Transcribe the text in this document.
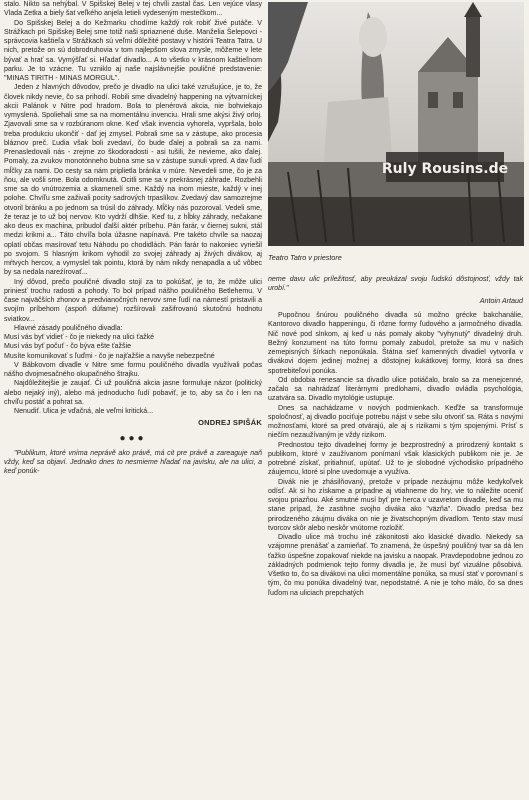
stalo. Nikto sa nehýbal. V Spišskej Belej v tej chvíli zastal čas. Len vejúce vlasy Vlada Zetka a biely šat veľkého anjela letieli vydeseným mestečkom...

Do Spišskej Belej a do Kežmarku chodíme každý rok robiť živé putáče. V Strážkach pri Spišskej Belej sme totiž naši spriaznené duše. Manželia Šelepovci - správcovia kaštieľa v Strážkach sú veľmi dôležité postavy v histórii Teatra Tatra. U nich, pretože on sú dobrodruhovia v tom najlepšom slova zmysle, môžeme v lete bývať a hrať sa. Vymýšľať si. Hľadať divadlo... A to všetko v krásnom kaštieľnom parku. Je to vzácne. Tu vzniklo aj naše najslávnejšie pouličné predstavenie: "MINAS TIRITH - MINAS MORGUL".

Jeden z hlavných dôvodov, prečo je divadlo na ulici také vzrušujúce, je to, že človek nikdy nevie, čo sa prihodí. Robili sme divadelný happening na výtvarníckej akcii Palánok v Nitre pod hradom. Bola to plenérová akcia, nie bohviekajo vymyslená. Spoliehali sme sa na momentálnu invenciu. Hrali sme akýsi živý orloj. Zjavovali sme sa v rozbúranom okne. Keď však invencia vyhorela, vypršala, bolo treba produkciu ukončiť - dať jej zmysel. Pobrali sme sa v zástupe, ako procesia bláznov preč. Ľudia však boli zvedaví, čo bude ďalej a pobrali sa za nami. Prenasledovali nás - zrejme zo škodoradosti - asi tušili, že nevieme, ako ďalej. Pomaly, za zvukov monotónneho bubna sme sa v zástupe sunuli vpred. A dav ľudí mĺčky za nami. Do cesty sa nám priplietla bránka v múre. Nevedeli sme, čo je za ňou, ale vošli sme. Bola odomknutá. Ocitli sme sa v prekrásnej záhrade. Rozbehli sme sa do vnútrozemia a skamenelí sme. Každý na inom mieste, každý v inej polohe. Chvíľu sme zaživali pocity sadrových trpaslíkov. Zvedavý dav samozrejme otvoril bránku a po jednom sa trúsil do záhrady. Mĺčky nás pozoroval. Vedeli sme, že teraz je to už boj nervov. Kto vydrží dlhšie. Keď tu, z hĺbky záhrady, nečakane ako deus ex machina, pribudol ďalší aktér príbehu. Pán farár, v čiernej sukni, stál medzi krikmi a... Táto chvíľa bola úžasne napínavá. Pre takéto chvíle sa naozaj oplatí občas masírovať tetu Náhodu po chodidlách. Pán farár to nakoniec vyriešil po svojom. S hlasným krikom vyhodil zo svojej záhrady aj živých divákov, aj mŕtvych hercov, a vymyslel tak pointu, ktorá by nám nikdy nenapadla a uč vôbec by sa nedala nareźírovať...

Iný dôvod, prečo pouličné divadlo stojí za to pokúšať, je to, že môže ulici priniesť trochu radosti a pohody. To bol prípad nášho pouličného Betlehemu. V čase najväčších zhonov a predvianočných nervov sme ľudí na námestí pristavili a svojím príbehom (aspoň dúfame) rozšírovali zašifrovanú skutočnú hodnotu sviatkov...

Hlavné zásady pouličného divadla:

Musí vás byť vidieť - čo je niekedy na ulici ťažké

Musí vás byť počuť - čo býva ešte ťažšie

Musíte komunikovať s ľuďmi - čo je najťažšie a navyše nebezpečné

V Bábkovom divadle v Nitre sme formu pouličného divadla využívali počas nášho dvojmesačného okupačného štrajku.

Najdôležitejšie je zaujať. Či už pouličná akcia jasne formuluje názor (politický alebo nejaký iný), alebo má jednoducho ľudí pobaviť, je to, aby sa čo i len na chvíľu postáť a pohrat sa.

Nenudiť. Ulica je vďačná, ale veľmi kritická...

ONDREJ SPIŠÁK
●●●

"Publikum, ktoré vníma neprávě ako právě, má cit pre právě a zareaguje naň vždy, keď sa objaví. Jednako dnes to nesmieme hľadať na javisku, ale na ulici, a keď ponúk-

Ruly Rousins.de
Teatro Tatro v priestore
neme davu ulic príležitosť, aby preukázal svoju ľudskú dôstojnosť, vždy tak urobí."
Antoin Artaud

Pupočnou šnúrou pouličného divadla sú možno grécke bakchanálie, Kantorovo divadlo happeningu, či rôzne formy ľudového a jarmočného divadla. Nič nové pod slnkom, aj keď u nás pomaly akoby "vyhynutý" divadelný druh. Bežný konzument na túto formu pomaly zabudol, pretože sa mu v našich zemepisných šírkach neponúkala. Štátna sieť kamenných divadiel vytvorila v divákovi dojem jedinej možnej a dôstojnej kukátkovej formy, ktorá sa dnes spotrebiteľovi ponúka.

Od obdobia renesancie sa divadlo ulice potiáčalo, bralo sa za menejcenné, začalo sa nahrádzať literárnymi predlohami, divadlo ovládla psychológia, uzatvára sa. Divadlo mytológie ustupuje.

Dnes sa nachádzame v nových podmienkach. Keďže sa transformuje spoločnosť, aj divadlo pociťuje potrebu nájst v sebe silu otvoriť sa. Ráta s novými možnosťami, ktoré sa pred otvárajú, ale aj s rizikami s tým spojenými. Prísť s niečím nezaužívaným je vždy rizikom.

Prednostou tejto divadelnej formy je bezprostredný a prirodzený kontakt s publikom, ktoré v zaužívanom ponímaní však klasických publikom nie je. Je potrebné získať, pritiahnuť, upútať. Už to je slobodné východisko prípadného záujemcu, ktoré si plne uvedomuje a využíva.

Divák nie je zhásilňovaný, pretože v prípade nezáujmu môže kedykoľvek odísť. Ak si ho získame a prípadne aj vtiahneme do hry, vie to náležite oceniť svojou priazňou. Aké smutné musí byť pre herca v uzavretom divadle, keď sa mu stane prípad, že zastihne svojho diváka ako "väzňa". Divadlo predsa bez prirodzeného záujmu diváka on nie je živatschopným divadlom. Tento stav musí tvorcov skôr alebo neskôr vnútorne rozložiť.

Divadlo ulice má trochu iné zákonitosti ako klasické divadlo. Niekedy sa vzájomne prenášať a zamieňať. To znamená, že úspešný pouličný tvar sa dá len ťažko úspešne zopakovať niekde na javisku a naopak. Pravdepodobne jednou zo základných podmienok tejto formy divadla je, že musí byť vizuálne pôsobivá. Všetko to, čo sa divákovi na ulici momentálne ponúka, sa musí stať v porovnaní s tým, čo mu ponúka divadelný tvar, nepodstatné. A nie je toho málo, čo sa dnes ľuďom na uliciach prepchatých
